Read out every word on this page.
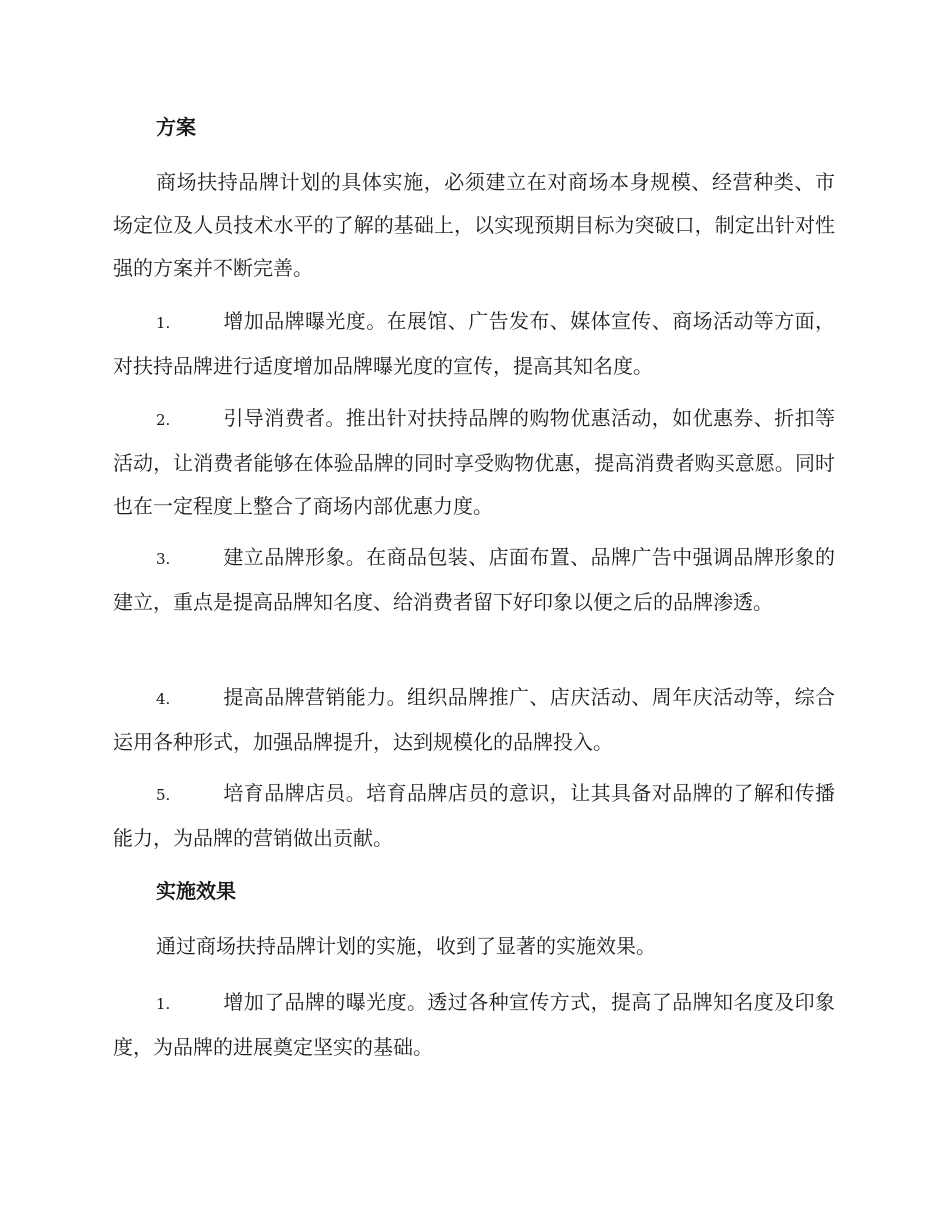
方案

商场扶持品牌计划的具体实施，必须建立在对商场本身规模、经营种类、市场定位及人员技术水平的了解的基础上，以实现预期目标为突破口，制定出针对性强的方案并不断完善。

1.	增加品牌曝光度。在展馆、广告发布、媒体宣传、商场活动等方面，对扶持品牌进行适度增加品牌曝光度的宣传，提高其知名度。

2.	引导消费者。推出针对扶持品牌的购物优惠活动，如优惠券、折扣等活动，让消费者能够在体验品牌的同时享受购物优惠，提高消费者购买意愿。同时也在一定程度上整合了商场内部优惠力度。

3.	建立品牌形象。在商品包装、店面布置、品牌广告中强调品牌形象的建立，重点是提高品牌知名度、给消费者留下好印象以便之后的品牌渗透。

4.	提高品牌营销能力。组织品牌推广、店庆活动、周年庆活动等，综合运用各种形式，加强品牌提升，达到规模化的品牌投入。

5.	培育品牌店员。培育品牌店员的意识，让其具备对品牌的了解和传播能力，为品牌的营销做出贡献。

实施效果

通过商场扶持品牌计划的实施，收到了显著的实施效果。

1.	增加了品牌的曝光度。透过各种宣传方式，提高了品牌知名度及印象度，为品牌的进展奠定坚实的基础。
